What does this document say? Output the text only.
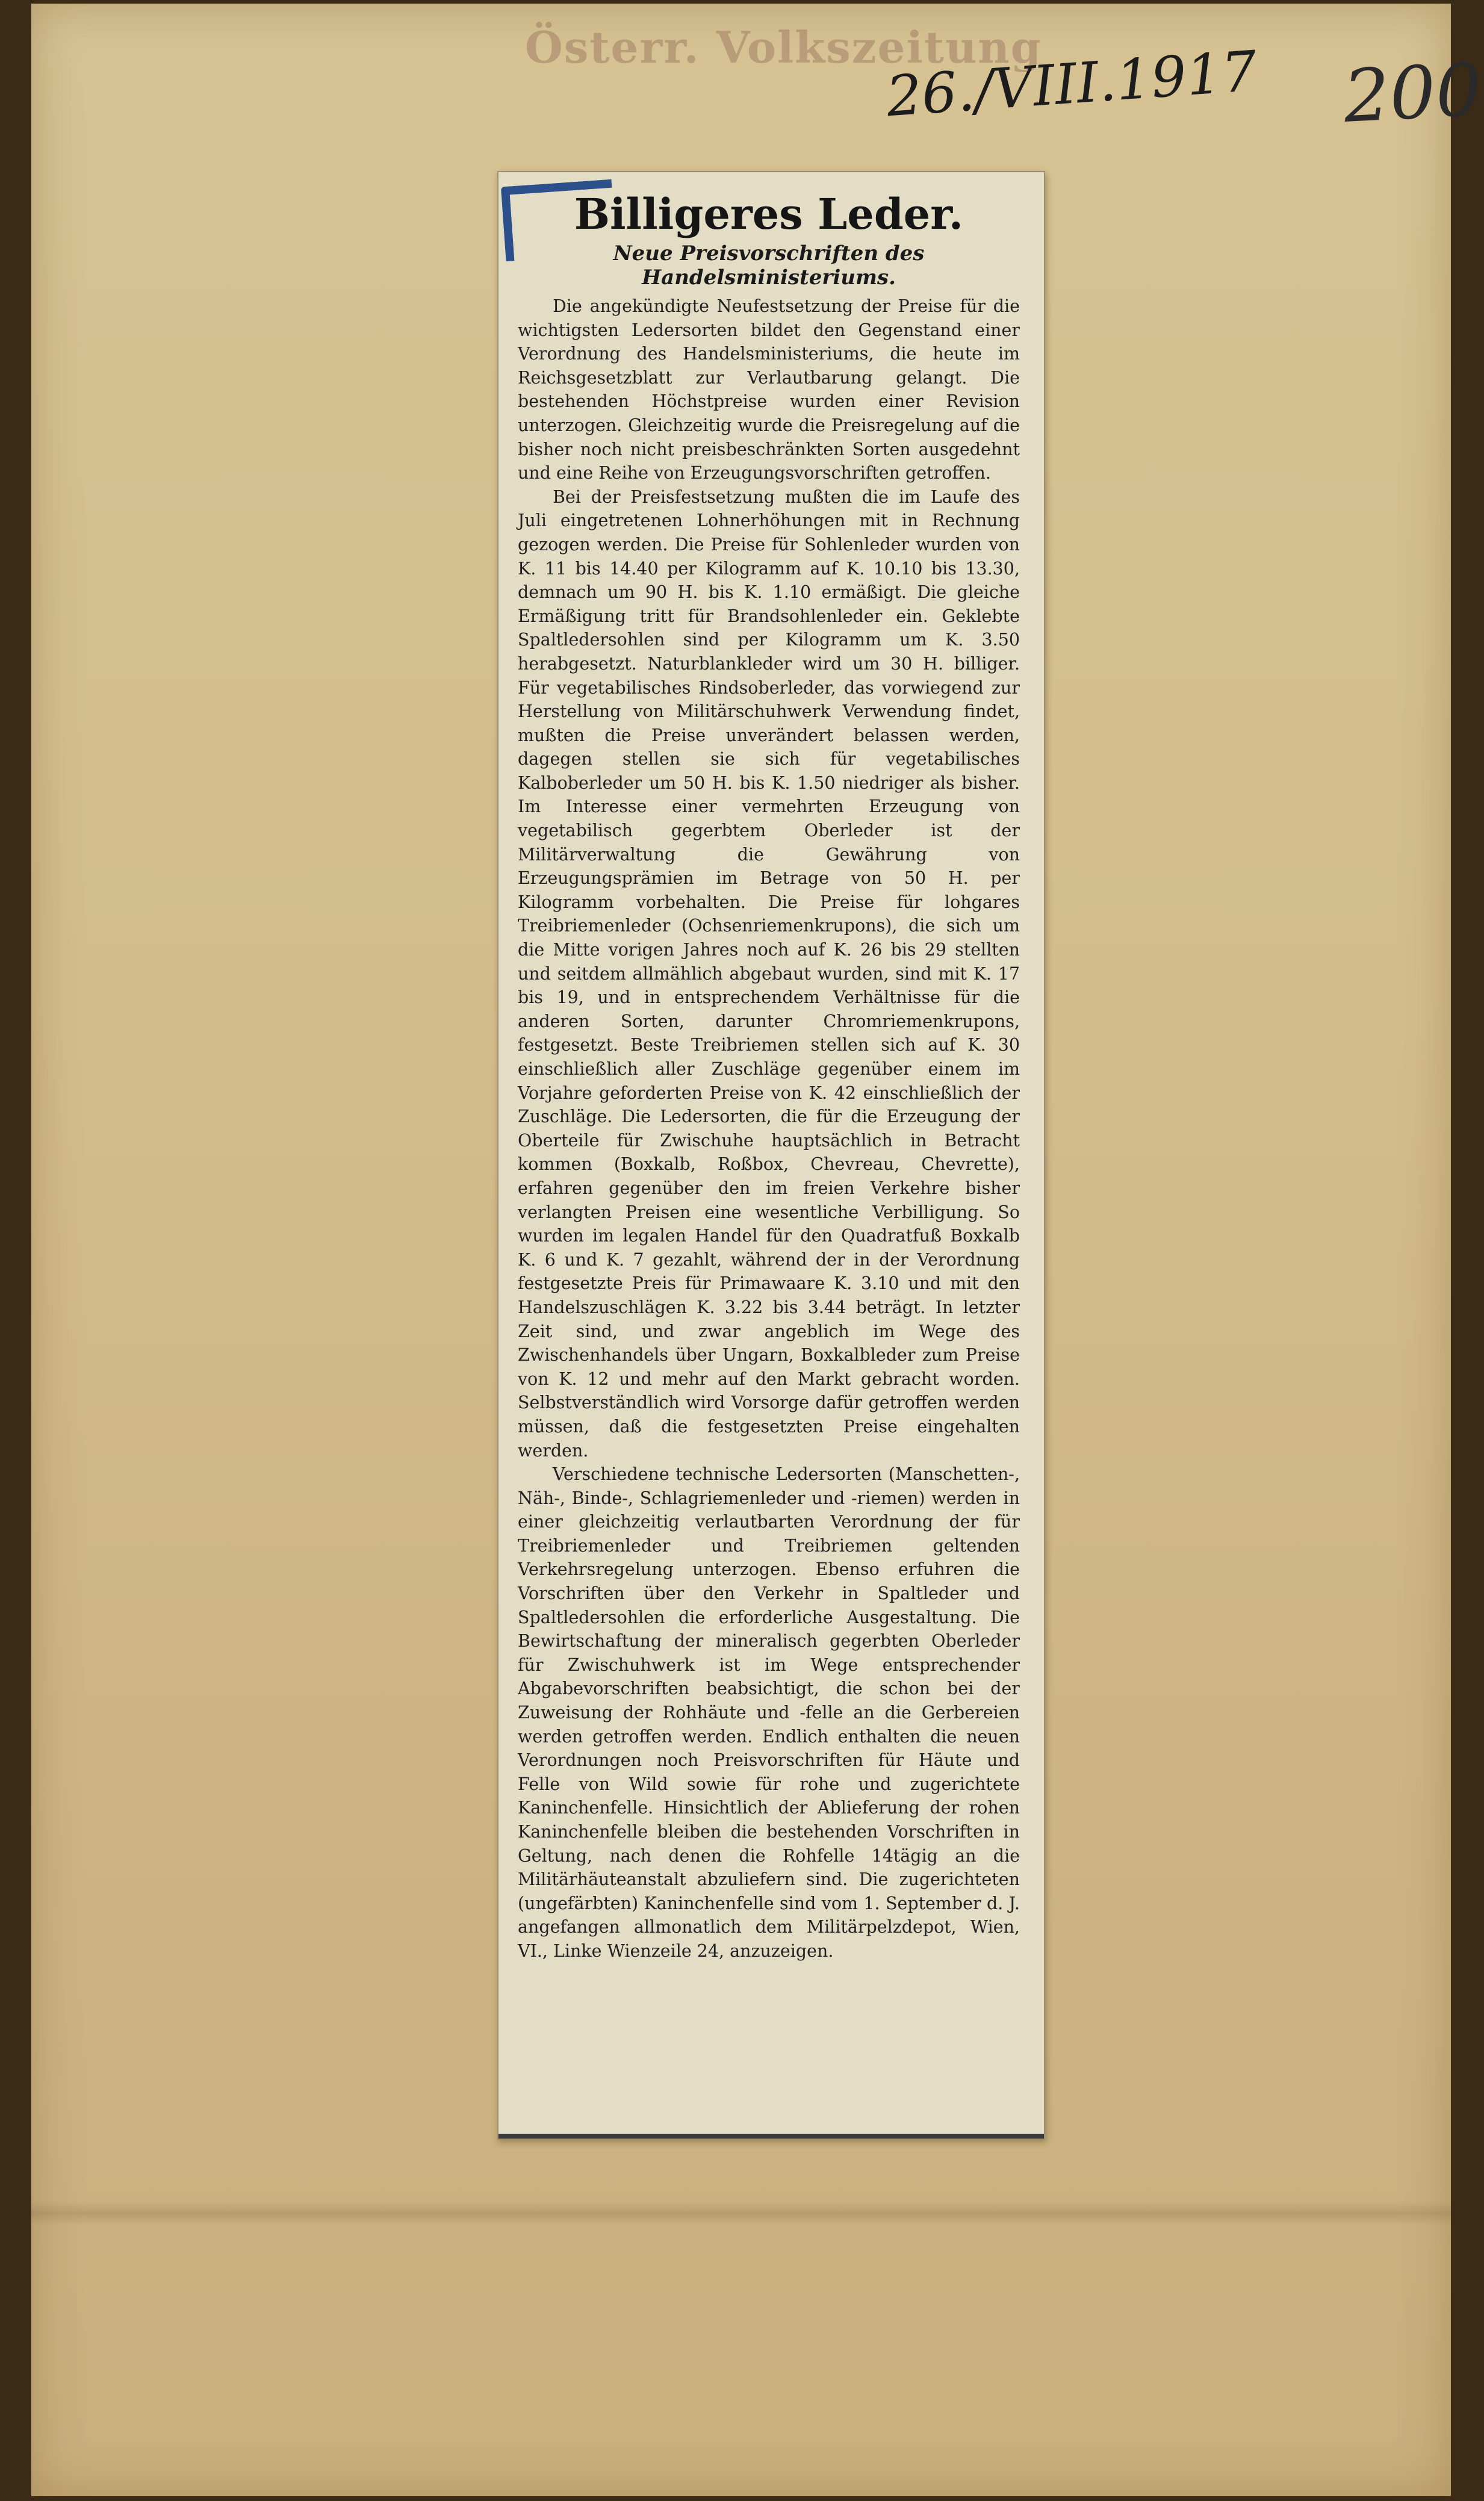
Österr. Volkszeitung
26./VIII.1917 200
Billigeres Leder.
Neue Preisvorschriften des Handelsministeriums.

Die angekündigte Neufestsetzung der Preise für die wichtigsten Ledersorten bildet den Gegenstand einer Verordnung des Handelsministeriums, die heute im Reichsgesetzblatt zur Verlautbarung gelangt. Die bestehenden Höchstpreise wurden einer Revision unterzogen. Gleichzeitig wurde die Preisregelung auf die bisher noch nicht preisbeschränkten Sorten ausgedehnt und eine Reihe von Erzeugungsvorschriften getroffen.

Bei der Preisfestsetzung mußten die im Laufe des Juli eingetretenen Lohnerhöhungen mit in Rechnung gezogen werden. Die Preise für Sohlenleder wurden von K. 11 bis 14.40 per Kilogramm auf K. 10.10 bis 13.30, demnach um 90 H. bis K. 1.10 ermäßigt. Die gleiche Ermäßigung tritt für Brandsohlenleder ein. Geklebte Spaltledersohlen sind per Kilogramm um K. 3.50 herabgesetzt. Naturblankleder wird um 30 H. billiger. Für vegetabilisches Rindsoberleder, das vorwiegend zur Herstellung von Militärschuhwerk Verwendung findet, mußten die Preise unverändert belassen werden, dagegen stellen sie sich für vegetabilisches Kalboberleder um 50 H. bis K. 1.50 niedriger als bisher. Im Interesse einer vermehrten Erzeugung von vegetabilisch gegerbtem Oberleder ist der Militärverwaltung die Gewährung von Erzeugungsprämien im Betrage von 50 H. per Kilogramm vorbehalten. Die Preise für lohgares Treibriemenleder (Ochsenriemenkrupons), die sich um die Mitte vorigen Jahres noch auf K. 26 bis 29 stellten und seitdem allmählich abgebaut wurden, sind mit K. 17 bis 19, und in entsprechendem Verhältnisse für die anderen Sorten, darunter Chromriemenkrupons, festgesetzt. Beste Treibriemen stellen sich auf K. 30 einschließlich aller Zuschläge gegenüber einem im Vorjahre geforderten Preise von K. 42 einschließlich der Zuschläge. Die Ledersorten, die für die Erzeugung der Oberteile für Zwischuhe hauptsächlich in Betracht kommen (Boxkalb, Roßbox, Chevreau, Chevrette), erfahren gegenüber den im freien Verkehre bisher verlangten Preisen eine wesentliche Verbilligung. So wurden im legalen Handel für den Quadratfuß Boxkalb K. 6 und K. 7 gezahlt, während der in der Verordnung festgesetzte Preis für Primawaare K. 3.10 und mit den Handelszuschlägen K. 3.22 bis 3.44 beträgt. In letzter Zeit sind, und zwar angeblich im Wege des Zwischenhandels über Ungarn, Boxkalbleder zum Preise von K. 12 und mehr auf den Markt gebracht worden. Selbstverständlich wird Vorsorge dafür getroffen werden müssen, daß die festgesetzten Preise eingehalten werden.

Verschiedene technische Ledersorten (Manschetten-, Näh-, Binde-, Schlagriemenleder und -riemen) werden in einer gleichzeitig verlautbarten Verordnung der für Treibriemenleder und Treibriemen geltenden Verkehrsregelung unterzogen. Ebenso erfuhren die Vorschriften über den Verkehr in Spaltleder und Spaltledersohlen die erforderliche Ausgestaltung. Die Bewirtschaftung der mineralisch gegerbten Oberleder für Zwischuhwerk ist im Wege entsprechender Abgabevorschriften beabsichtigt, die schon bei der Zuweisung der Rohhäute und -felle an die Gerbereien werden getroffen werden. Endlich enthalten die neuen Verordnungen noch Preisvorschriften für Häute und Felle von Wild sowie für rohe und zugerichtete Kaninchenfelle. Hinsichtlich der Ablieferung der rohen Kaninchenfelle bleiben die bestehenden Vorschriften in Geltung, nach denen die Rohfelle 14tägig an die Militärhäuteanstalt abzuliefern sind. Die zugerichteten (ungefärbten) Kaninchenfelle sind vom 1. September d. J. angefangen allmonatlich dem Militärpelzdepot, Wien, VI., Linke Wienzeile 24, anzuzeigen.
